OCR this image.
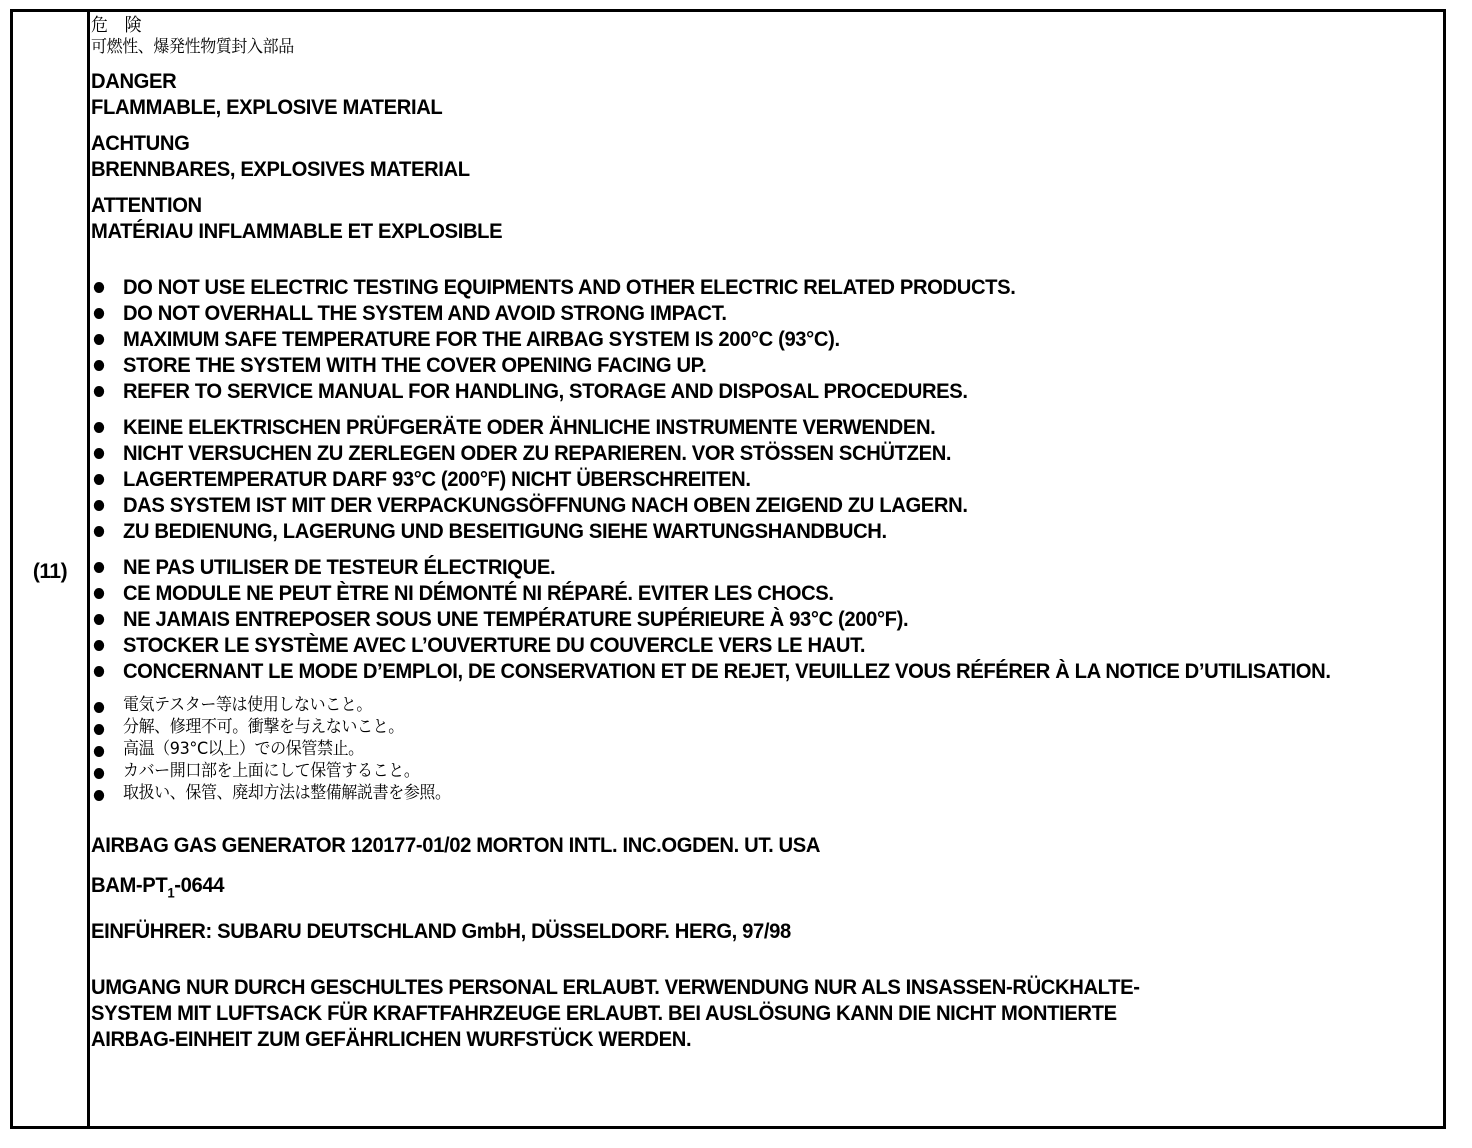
(11)
危 険
可燃性、爆発性物質封入部品
DANGER
FLAMMABLE, EXPLOSIVE MATERIAL
ACHTUNG
BRENNBARES, EXPLOSIVES MATERIAL
ATTENTION
MATÉRIAU INFLAMMABLE ET EXPLOSIBLE
DO NOT USE ELECTRIC TESTING EQUIPMENTS AND OTHER ELECTRIC RELATED PRODUCTS.
DO NOT OVERHALL THE SYSTEM AND AVOID STRONG IMPACT.
MAXIMUM SAFE TEMPERATURE FOR THE AIRBAG SYSTEM IS 200°C (93°C).
STORE THE SYSTEM WITH THE COVER OPENING FACING UP.
REFER TO SERVICE MANUAL FOR HANDLING, STORAGE AND DISPOSAL PROCEDURES.
KEINE ELEKTRISCHEN PRÜFGERÄTE ODER ÄHNLICHE INSTRUMENTE VERWENDEN.
NICHT VERSUCHEN ZU ZERLEGEN ODER ZU REPARIEREN. VOR STÖSSEN SCHÜTZEN.
LAGERTEMPERATUR DARF 93°C (200°F) NICHT ÜBERSCHREITEN.
DAS SYSTEM IST MIT DER VERPACKUNGSÖFFNUNG NACH OBEN ZEIGEND ZU LAGERN.
ZU BEDIENUNG, LAGERUNG UND BESEITIGUNG SIEHE WARTUNGSHANDBUCH.
NE PAS UTILISER DE TESTEUR ÉLECTRIQUE.
CE MODULE NE PEUT ÈTRE NI DÉMONTÉ NI RÉPARÉ. EVITER LES CHOCS.
NE JAMAIS ENTREPOSER SOUS UNE TEMPÉRATURE SUPÉRIEURE À 93°C (200°F).
STOCKER LE SYSTÈME AVEC L’OUVERTURE DU COUVERCLE VERS LE HAUT.
CONCERNANT LE MODE D’EMPLOI, DE CONSERVATION ET DE REJET, VEUILLEZ VOUS RÉFÉRER À LA NOTICE D’UTILISATION.
電気テスター等は使用しないこと。
分解、修理不可。衝撃を与えないこと。
高温（93°C以上）での保管禁止。
カバー開口部を上面にして保管すること。
取扱い、保管、廃却方法は整備解説書を参照。
AIRBAG GAS GENERATOR 120177-01/02 MORTON INTL. INC.OGDEN. UT. USA
BAM-$PT_1-0644$
EINFÜHRER: SUBARU DEUTSCHLAND GmbH, DÜSSELDORF. HERG, 97/98
UMGANG NUR DURCH GESCHULTES PERSONAL ERLAUBT. VERWENDUNG NUR ALS INSASSEN-RÜCKHALTE-
SYSTEM MIT LUFTSACK FÜR KRAFTFAHRZEUGE ERLAUBT. BEI AUSLÖSUNG KANN DIE NICHT MONTIERTE
AIRBAG-EINHEIT ZUM GEFÄHRLICHEN WURFSTÜCK WERDEN.
